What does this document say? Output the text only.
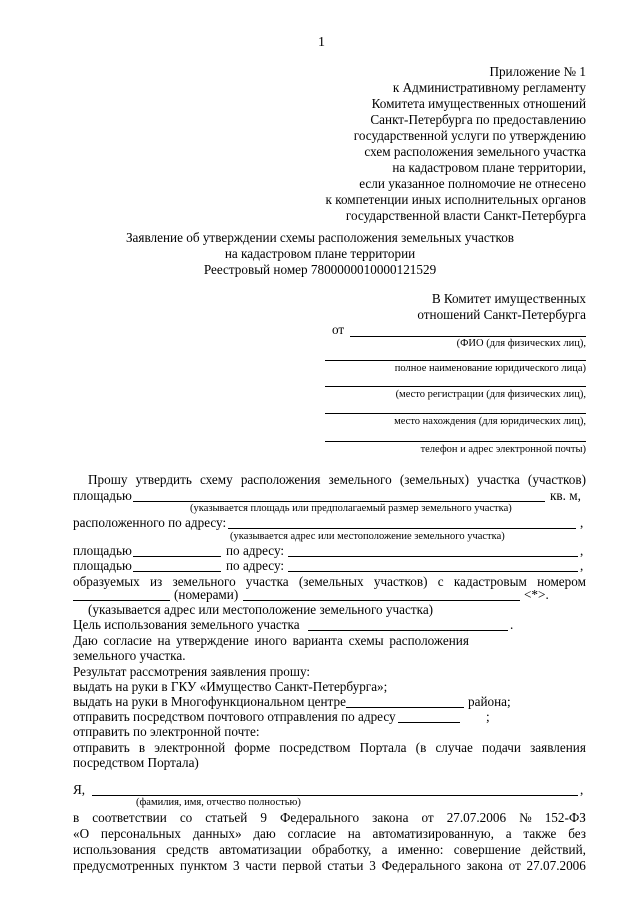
1
Приложение № 1
к Административному регламенту
Комитета имущественных отношений
Санкт-Петербурга по предоставлению
государственной услуги по утверждению
схем расположения земельного участка
на кадастровом плане территории,
если указанное полномочие не отнесено
к компетенции иных исполнительных органов
государственной власти Санкт-Петербурга
Заявление об утверждении схемы расположения земельных участков
на кадастровом плане территории
Реестровый номер 7800000010000121529
В Комитет имущественных
отношений Санкт-Петербурга
от
(ФИО (для физических лиц),
полное наименование юридического лица)
(место регистрации (для физических лиц),
место нахождения (для юридических лиц),
телефон и адрес электронной почты)
Прошу утвердить схему расположения земельного (земельных) участка (участков)
площадью	кв. м,
(указывается площадь или предполагаемый размер земельного участка)
расположенного по адресу:	,
(указывается адрес или местоположение земельного участка)
площадью	по адресу:	,
площадью	по адресу:	,
образуемых из земельного участка (земельных участков) с кадастровым номером
(номерами)	<*>.
(указывается адрес или местоположение земельного участка)
Цель использования земельного участка	.
Даю согласие на утверждение иного варианта схемы расположения
земельного участка.
Результат рассмотрения заявления прошу:
выдать на руки в ГКУ «Имущество Санкт-Петербурга»;
выдать на руки в Многофункциональном центре	района;
отправить посредством почтового отправления по адресу	;
отправить по электронной почте:
отправить в электронной форме посредством Портала (в случае подачи заявления
посредством Портала)
Я,	,
(фамилия, имя, отчество полностью)
в соответствии со статьей 9 Федерального закона от 27.07.2006 № 152-ФЗ
«О персональных данных» даю согласие на автоматизированную, а также без
использования средств автоматизации обработку, а именно: совершение действий,
предусмотренных пунктом 3 части первой статьи 3 Федерального закона от 27.07.2006
